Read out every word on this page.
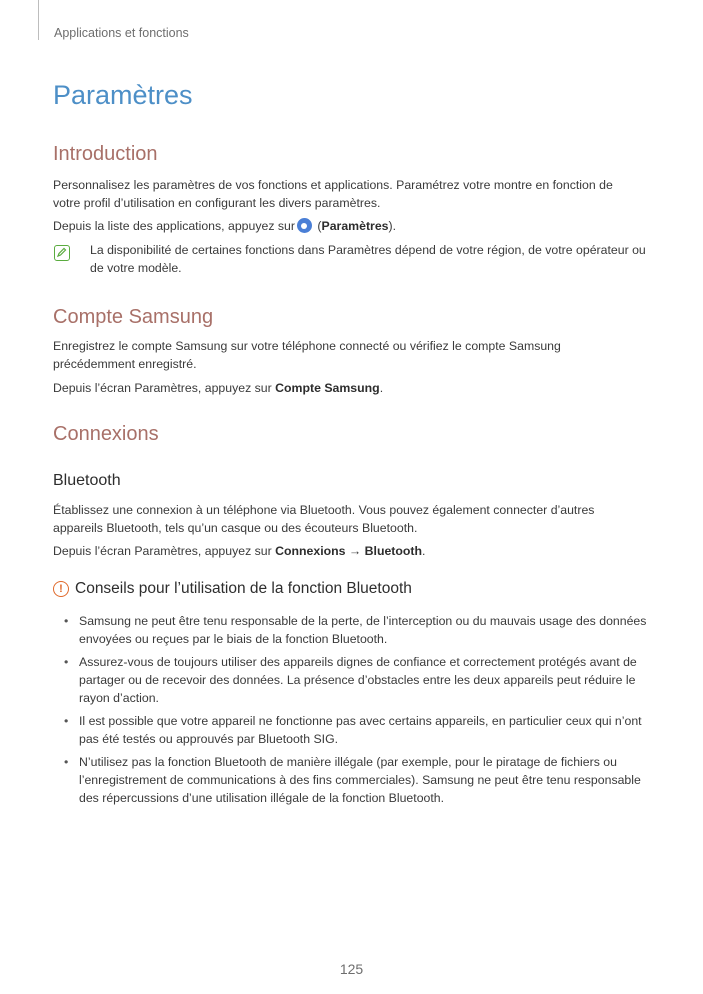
Applications et fonctions
Paramètres
Introduction

Personnalisez les paramètres de vos fonctions et applications. Paramétrez votre montre en fonction de votre profil d’utilisation en configurant les divers paramètres.

Depuis la liste des applications, appuyez sur (Paramètres).

La disponibilité de certaines fonctions dans Paramètres dépend de votre région, de votre opérateur ou de votre modèle.

Compte Samsung

Enregistrez le compte Samsung sur votre téléphone connecté ou vérifiez le compte Samsung précédemment enregistré.

Depuis l’écran Paramètres, appuyez sur Compte Samsung.

Connexions
Bluetooth

Établissez une connexion à un téléphone via Bluetooth. Vous pouvez également connecter d’autres appareils Bluetooth, tels qu’un casque ou des écouteurs Bluetooth.

Depuis l’écran Paramètres, appuyez sur Connexions → Bluetooth.

! Conseils pour l’utilisation de la fonction Bluetooth
• Samsung ne peut être tenu responsable de la perte, de l’interception ou du mauvais usage des données envoyées ou reçues par le biais de la fonction Bluetooth.
• Assurez-vous de toujours utiliser des appareils dignes de confiance et correctement protégés avant de partager ou de recevoir des données. La présence d’obstacles entre les deux appareils peut réduire le rayon d’action.
• Il est possible que votre appareil ne fonctionne pas avec certains appareils, en particulier ceux qui n’ont pas été testés ou approuvés par Bluetooth SIG.
• N’utilisez pas la fonction Bluetooth de manière illégale (par exemple, pour le piratage de fichiers ou l’enregistrement de communications à des fins commerciales). Samsung ne peut être tenu responsable des répercussions d’une utilisation illégale de la fonction Bluetooth.
125
